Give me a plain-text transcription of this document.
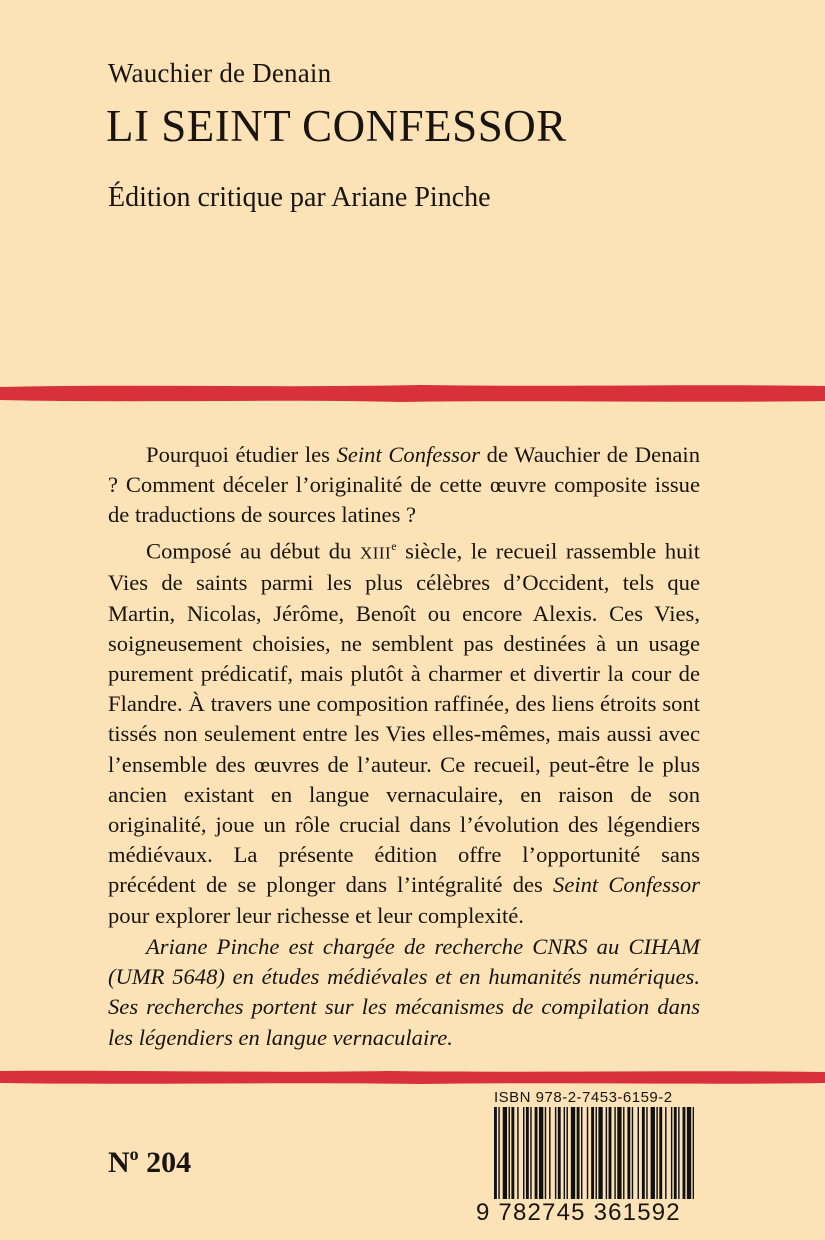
Wauchier de Denain
LI SEINT CONFESSOR
Édition critique par Ariane Pinche

Pourquoi étudier les Seint Confessor de Wauchier de Denain ? Comment déceler l’originalité de cette œuvre composite issue de traductions de sources latines ?

Composé au début du XIIIe siècle, le recueil rassemble huit Vies de saints parmi les plus célèbres d’Occident, tels que Martin, Nicolas, Jérôme, Benoît ou encore Alexis. Ces Vies, soigneusement choisies, ne semblent pas destinées à un usage purement prédicatif, mais plutôt à charmer et divertir la cour de Flandre. À travers une composition raffinée, des liens étroits sont tissés non seulement entre les Vies elles-mêmes, mais aussi avec l’ensemble des œuvres de l’auteur. Ce recueil, peut-être le plus ancien existant en langue vernaculaire, en raison de son originalité, joue un rôle crucial dans l’évolution des légendiers médiévaux. La présente édition offre l’opportunité sans précédent de se plonger dans l’intégralité des Seint Confessor pour explorer leur richesse et leur complexité.

Ariane Pinche est chargée de recherche CNRS au CIHAM (UMR 5648) en études médiévales et en humanités numériques. Ses recherches portent sur les mécanismes de compilation dans les légendiers en langue vernaculaire.

$N^o$ 204
ISBN 978-2-7453-6159-2
9 782745 361592
